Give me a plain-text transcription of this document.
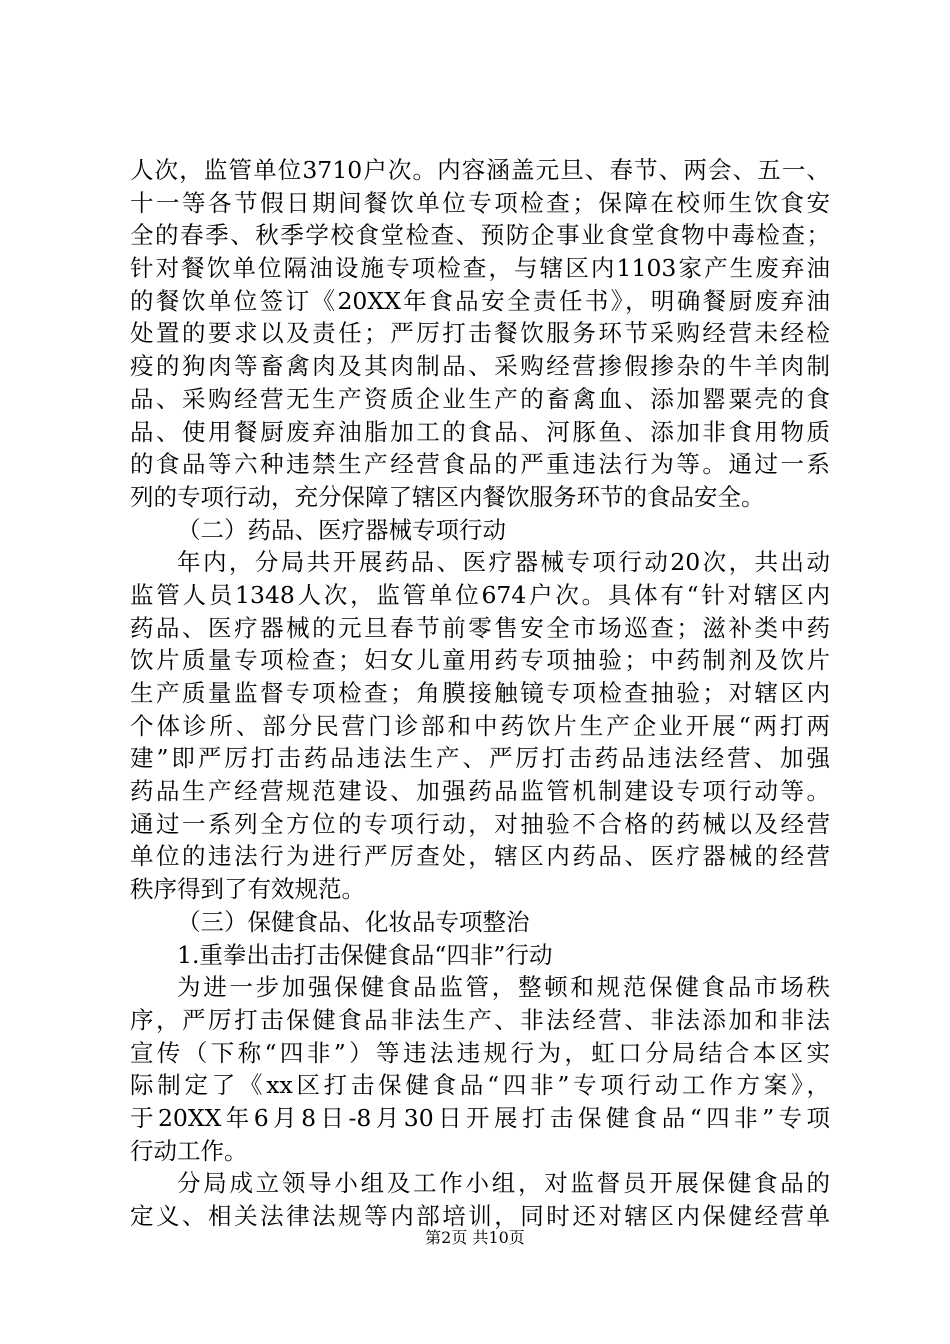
人次，监管单位3710户次。内容涵盖元旦、春节、两会、五一、
十一等各节假日期间餐饮单位专项检查；保障在校师生饮食安
全的春季、秋季学校食堂检查、预防企事业食堂食物中毒检查；
针对餐饮单位隔油设施专项检查，与辖区内1103家产生废弃油
的餐饮单位签订《20XX年食品安全责任书》，明确餐厨废弃油
处置的要求以及责任；严厉打击餐饮服务环节采购经营未经检
疫的狗肉等畜禽肉及其肉制品、采购经营掺假掺杂的牛羊肉制
品、采购经营无生产资质企业生产的畜禽血、添加罂粟壳的食
品、使用餐厨废弃油脂加工的食品、河豚鱼、添加非食用物质
的食品等六种违禁生产经营食品的严重违法行为等。通过一系
列的专项行动，充分保障了辖区内餐饮服务环节的食品安全。
（二）药品、医疗器械专项行动
年内，分局共开展药品、医疗器械专项行动20次，共出动
监管人员1348人次，监管单位674户次。具体有“针对辖区内
药品、医疗器械的元旦春节前零售安全市场巡查；滋补类中药
饮片质量专项检查；妇女儿童用药专项抽验；中药制剂及饮片
生产质量监督专项检查；角膜接触镜专项检查抽验；对辖区内
个体诊所、部分民营门诊部和中药饮片生产企业开展“两打两
建”即严厉打击药品违法生产、严厉打击药品违法经营、加强
药品生产经营规范建设、加强药品监管机制建设专项行动等。
通过一系列全方位的专项行动，对抽验不合格的药械以及经营
单位的违法行为进行严厉查处，辖区内药品、医疗器械的经营
秩序得到了有效规范。
（三）保健食品、化妆品专项整治
1.重拳出击打击保健食品“四非”行动
为进一步加强保健食品监管，整顿和规范保健食品市场秩
序，严厉打击保健食品非法生产、非法经营、非法添加和非法
宣传（下称“四非”）等违法违规行为，虹口分局结合本区实
际制定了《xx区打击保健食品“四非”专项行动工作方案》，
于20XX年6月8日-8月30日开展打击保健食品“四非”专项
行动工作。
分局成立领导小组及工作小组，对监督员开展保健食品的
定义、相关法律法规等内部培训，同时还对辖区内保健经营单
第2页 共10页
